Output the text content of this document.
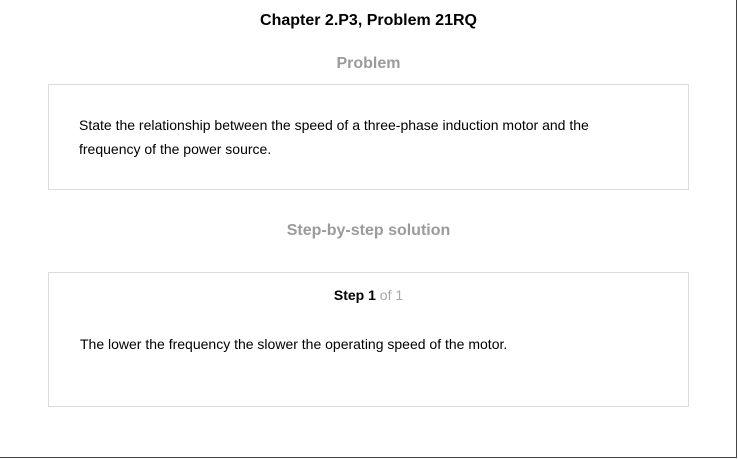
Chapter 2.P3, Problem 21RQ
Problem
State the relationship between the speed of a three-phase induction motor and the frequency of the power source.
Step-by-step solution
Step 1 of 1
The lower the frequency the slower the operating speed of the motor.
